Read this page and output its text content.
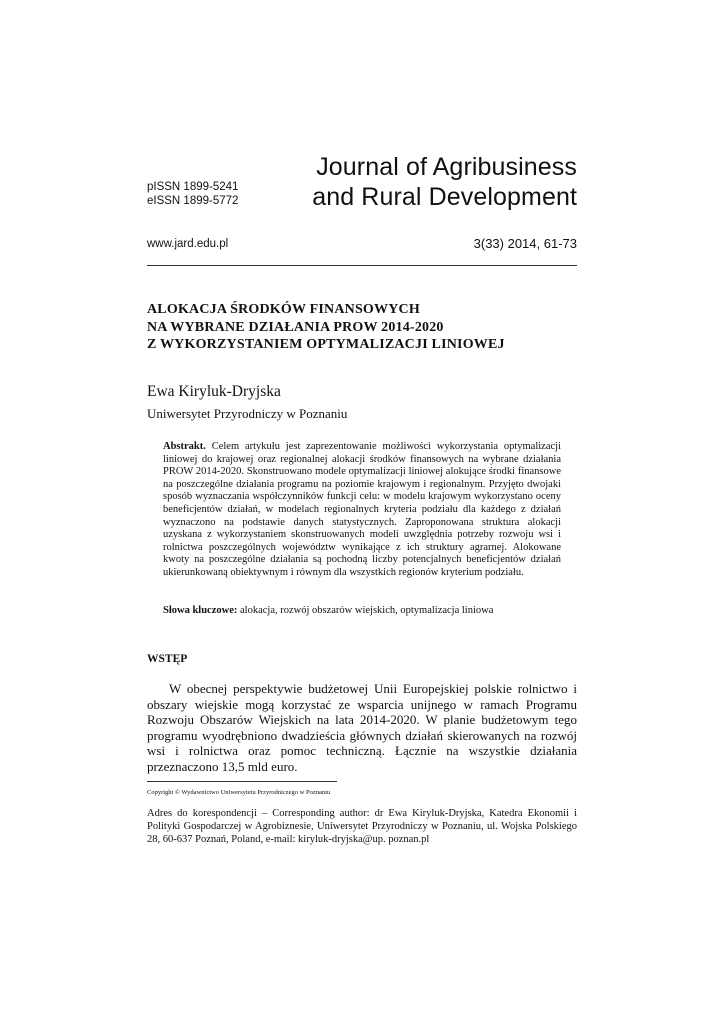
pISSN 1899-5241
eISSN 1899-5772
Journal of Agribusiness
and Rural Development
www.jard.edu.pl	3(33) 2014, 61-73
ALOKACJA ŚRODKÓW FINANSOWYCH
NA WYBRANE DZIAŁANIA PROW 2014-2020
Z WYKORZYSTANIEM OPTYMALIZACJI LINIOWEJ
Ewa Kiryluk-Dryjska
Uniwersytet Przyrodniczy w Poznaniu
Abstrakt. Celem artykułu jest zaprezentowanie możliwości wykorzystania optymalizacji liniowej do krajowej oraz regionalnej alokacji środków finansowych na wybrane działania PROW 2014-2020. Skonstruowano modele optymalizacji liniowej alokujące środki finansowe na poszczególne działania programu na poziomie krajowym i regionalnym. Przyjęto dwojaki sposób wyznaczania współczynników funkcji celu: w modelu krajowym wykorzystano oceny beneficjentów działań, w modelach regionalnych kryteria podziału dla każdego z działań wyznaczono na podstawie danych statystycznych. Zaproponowana struktura alokacji uzyskana z wykorzystaniem skonstruowanych modeli uwzględnia potrzeby rozwoju wsi i rolnictwa poszczególnych województw wynikające z ich struktury agrarnej. Alokowane kwoty na poszczególne działania są pochodną liczby potencjalnych beneficjentów działań ukierunkowaną obiektywnym i równym dla wszystkich regionów kryterium podziału.
Słowa kluczowe: alokacja, rozwój obszarów wiejskich, optymalizacja liniowa
WSTĘP
W obecnej perspektywie budżetowej Unii Europejskiej polskie rolnictwo i obszary wiejskie mogą korzystać ze wsparcia unijnego w ramach Programu Rozwoju Obszarów Wiejskich na lata 2014-2020. W planie budżetowym tego programu wyodrębniono dwadzieścia głównych działań skierowanych na rozwój wsi i rolnictwa oraz pomoc techniczną. Łącznie na wszystkie działania przeznaczono 13,5 mld euro.
Copyright © Wydawnictwo Uniwersytetu Przyrodniczego w Poznaniu
Adres do korespondencji – Corresponding author: dr Ewa Kiryluk-Dryjska, Katedra Ekonomii i Polityki Gospodarczej w Agrobiznesie, Uniwersytet Przyrodniczy w Poznaniu, ul. Wojska Polskiego 28, 60-637 Poznań, Poland, e-mail: kiryluk-dryjska@up. poznan.pl
